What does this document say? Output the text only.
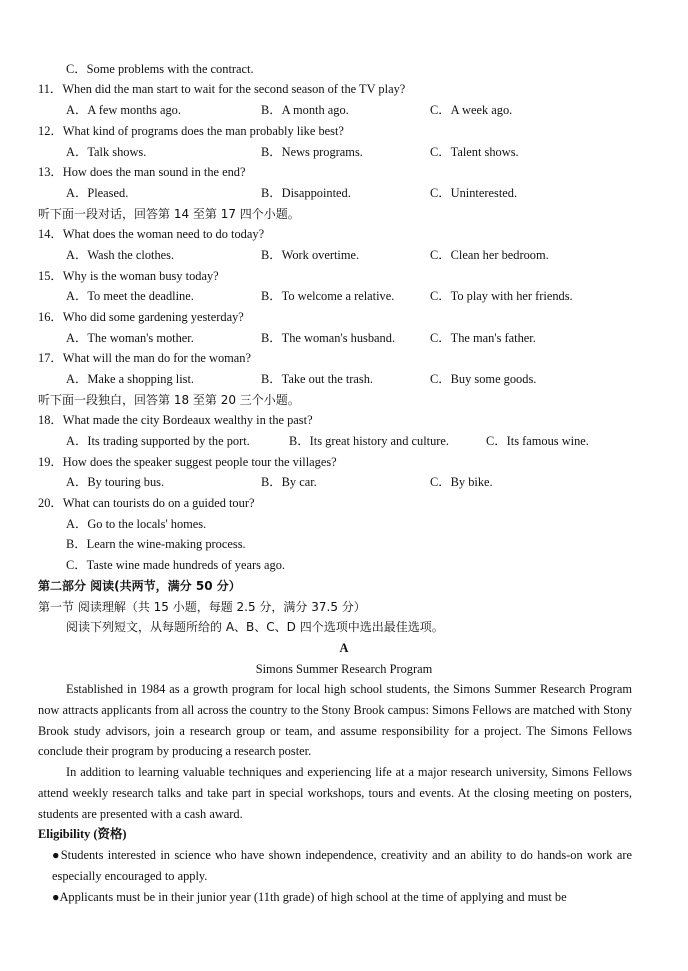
C．Some problems with the contract.
11．When did the man start to wait for the second season of the TV play?
A．A few months ago.	B．A month ago.	C．A week ago.
12．What kind of programs does the man probably like best?
A．Talk shows.	B．News programs.	C．Talent shows.
13．How does the man sound in the end?
A．Pleased.	B．Disappointed.	C．Uninterested.
听下面一段对话，回答第 14 至第 17 四个小题。
14．What does the woman need to do today?
A．Wash the clothes.	B．Work overtime.	C．Clean her bedroom.
15．Why is the woman busy today?
A．To meet the deadline.	B．To welcome a relative.	C．To play with her friends.
16．Who did some gardening yesterday?
A．The woman's mother.	B．The woman's husband.	C．The man's father.
17．What will the man do for the woman?
A．Make a shopping list.	B．Take out the trash.	C．Buy some goods.
听下面一段独白，回答第 18 至第 20 三个小题。
18．What made the city Bordeaux wealthy in the past?
A．Its trading supported by the port.	B．Its great history and culture.	C．Its famous wine.
19．How does the speaker suggest people tour the villages?
A．By touring bus.	B．By car.	C．By bike.
20．What can tourists do on a guided tour?
A．Go to the locals' homes.
B．Learn the wine-making process.
C．Taste wine made hundreds of years ago.
第二部分 阅读(共两节，满分 50 分）
第一节 阅读理解（共 15 小题，每题 2.5 分，满分 37.5 分）
阅读下列短文，从每题所给的 A、B、C、D 四个选项中选出最佳选项。
A
Simons Summer Research Program
Established in 1984 as a growth program for local high school students, the Simons Summer Research Program now attracts applicants from all across the country to the Stony Brook campus: Simons Fellows are matched with Stony Brook study advisors, join a research group or team, and assume responsibility for a project. The Simons Fellows conclude their program by producing a research poster.
In addition to learning valuable techniques and experiencing life at a major research university, Simons Fellows attend weekly research talks and take part in special workshops, tours and events. At the closing meeting on posters, students are presented with a cash award.
Eligibility (资格)
●Students interested in science who have shown independence, creativity and an ability to do hands-on work are especially encouraged to apply.
●Applicants must be in their junior year (11th grade) of high school at the time of applying and must be
